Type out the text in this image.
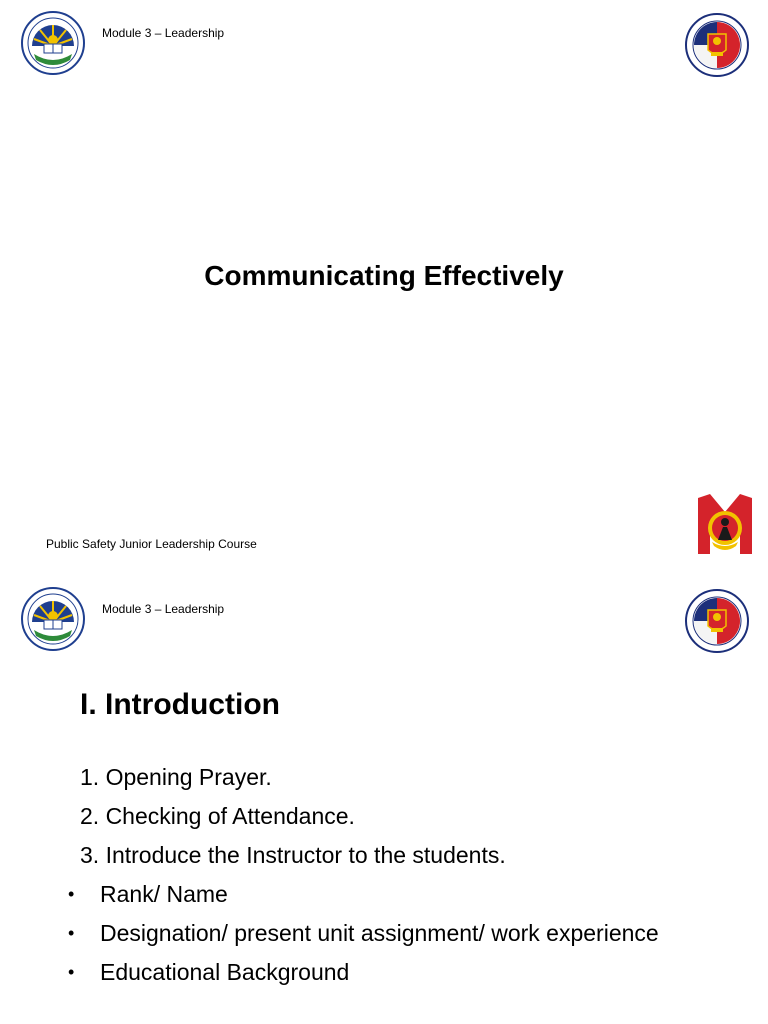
Module 3 – Leadership
Communicating Effectively
Public Safety Junior Leadership Course
Module 3 – Leadership
I. Introduction
1. Opening Prayer.
2. Checking of Attendance.
3. Introduce the Instructor to the students.
•	Rank/ Name
•	Designation/ present unit assignment/ work experience
•	Educational Background
